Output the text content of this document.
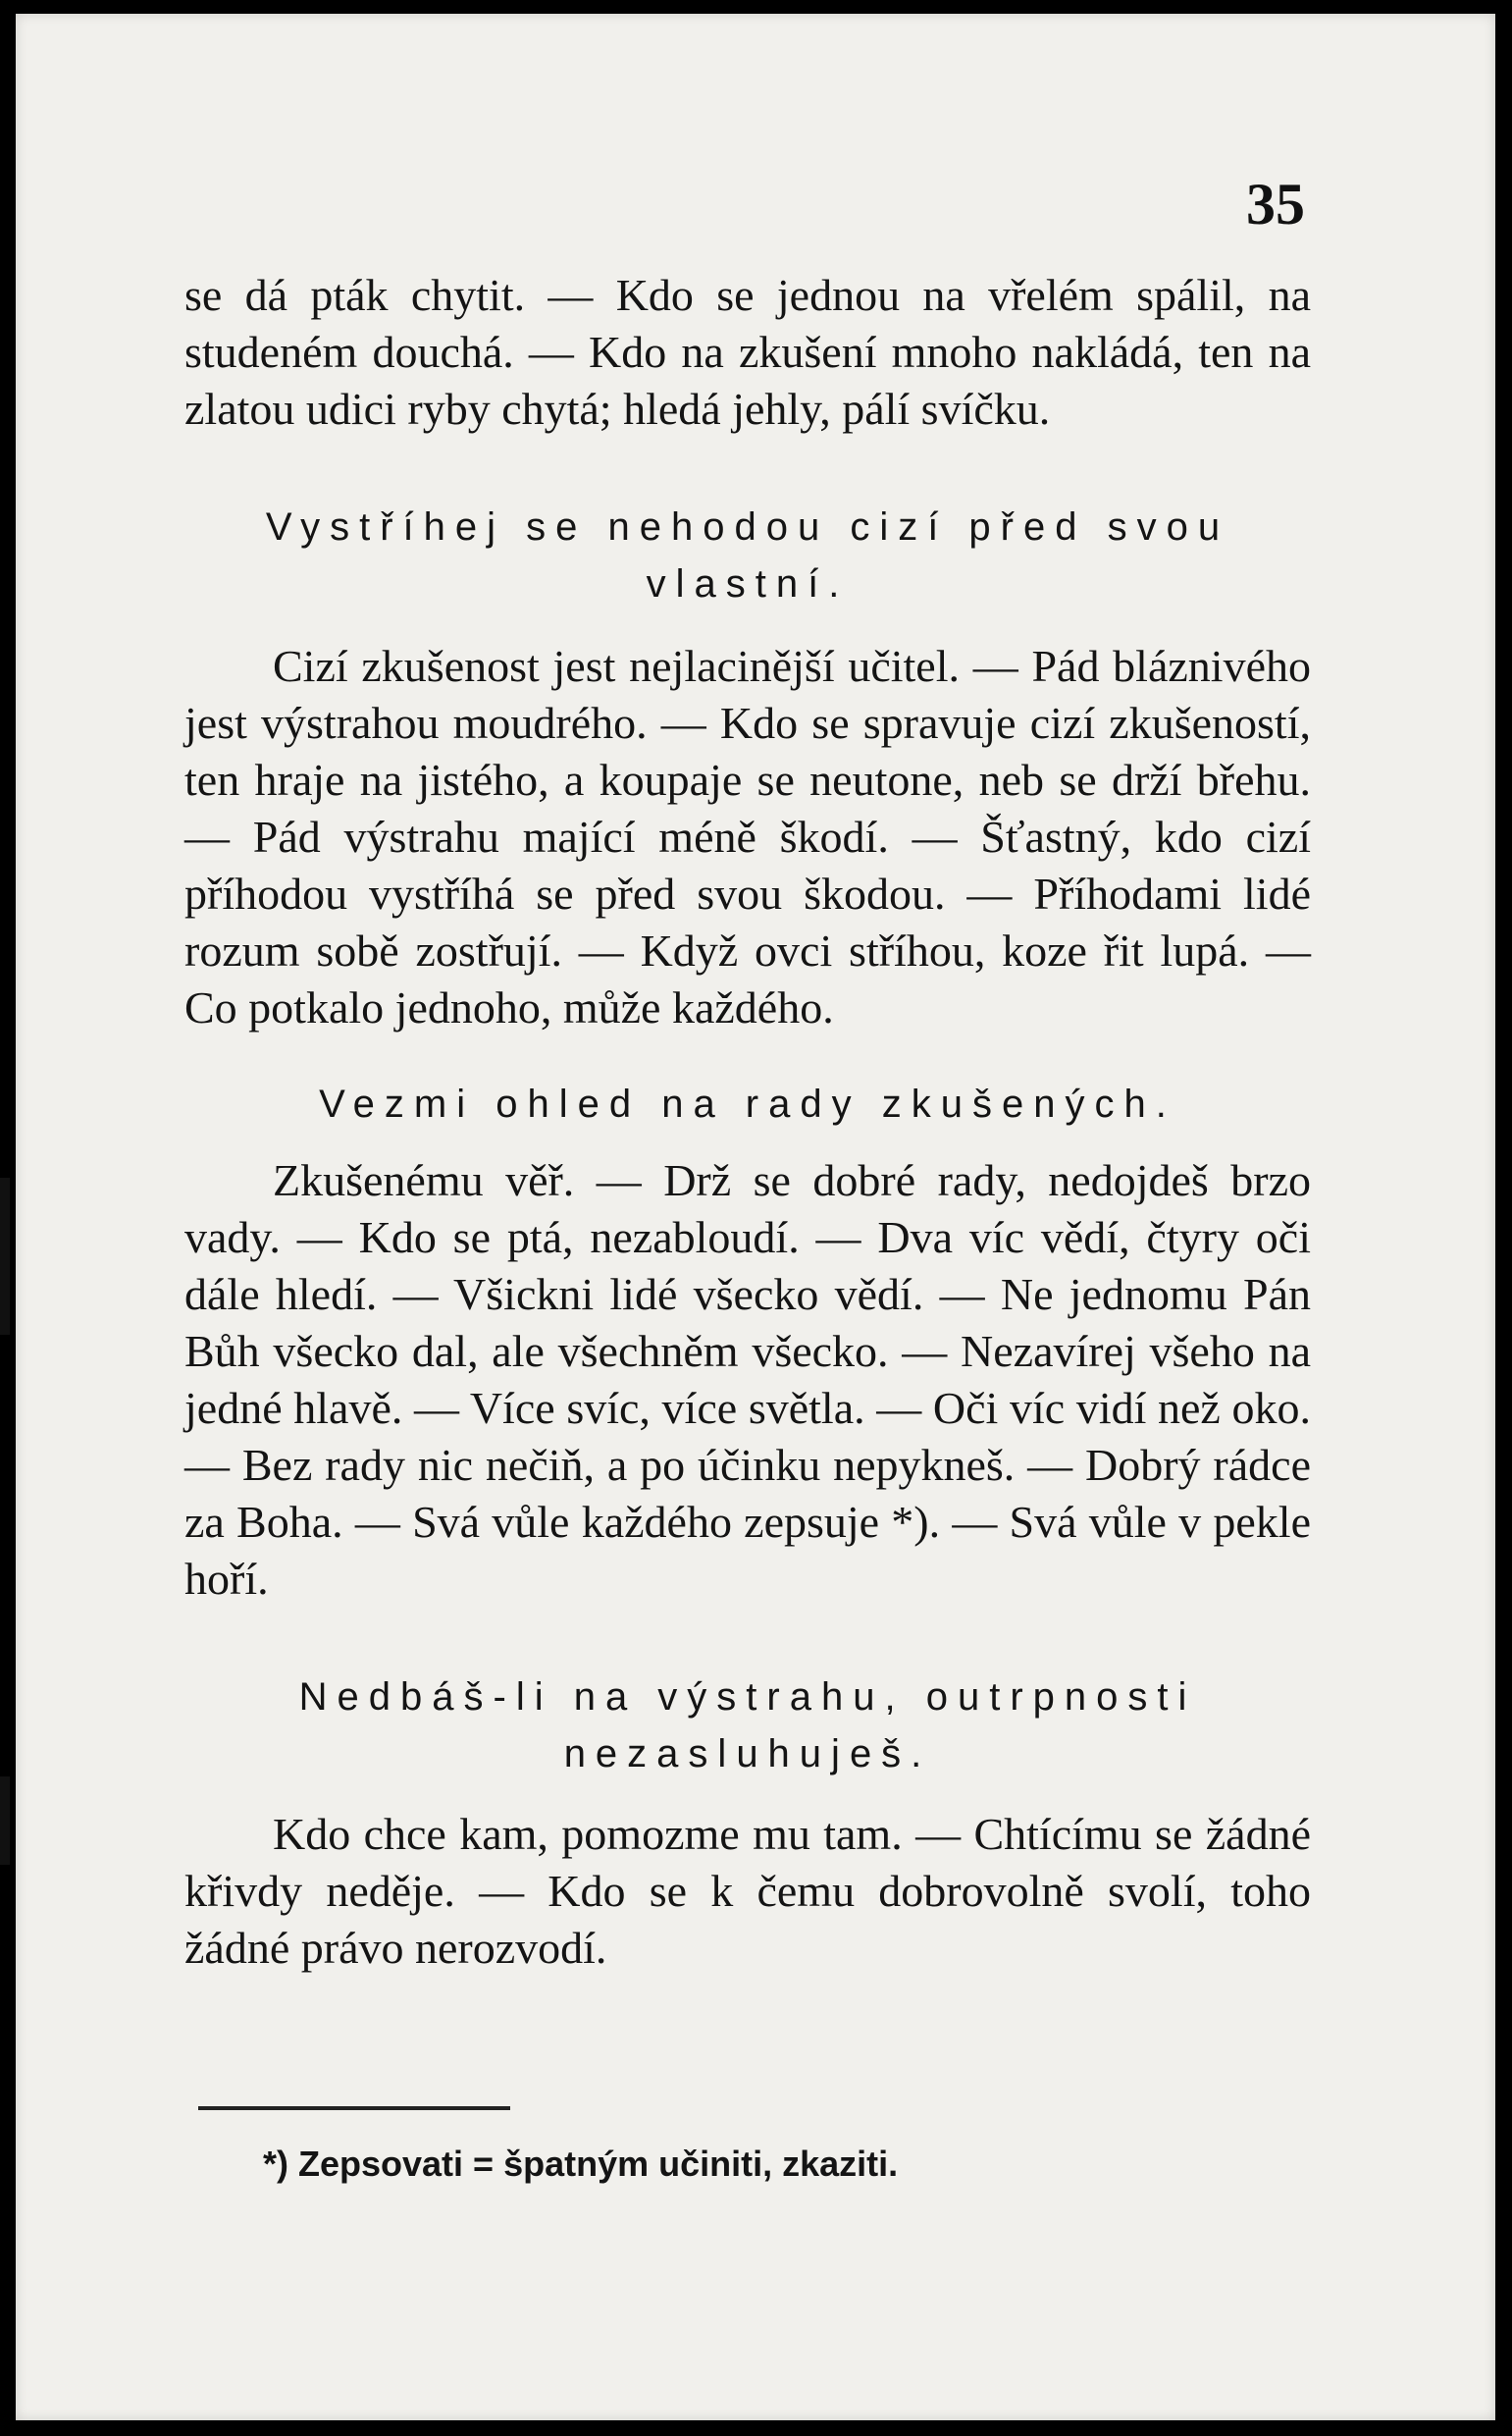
35

se dá pták chytit. — Kdo se jednou na vřelém spálil, na studeném douchá. — Kdo na zkušení mnoho nakládá, ten na zlatou udici ryby chytá; hledá jehly, pálí svíčku.

Vystříhej se nehodou cizí před svou vlastní.

Cizí zkušenost jest nejlacinější učitel. — Pád bláznivého jest výstrahou moudrého. — Kdo se spravuje cizí zkušeností, ten hraje na jistého, a koupaje se neutone, neb se drží břehu. — Pád výstrahu mající méně škodí. — Šťastný, kdo cizí příhodou vystříhá se před svou škodou. — Příhodami lidé rozum sobě zostřují. — Když ovci stříhou, koze řit lupá. — Co potkalo jednoho, může každého.

Vezmi ohled na rady zkušených.

Zkušenému věř. — Drž se dobré rady, nedojdeš brzo vady. — Kdo se ptá, nezabloudí. — Dva víc vědí, čtyry oči dále hledí. — Všickni lidé všecko vědí. — Ne jednomu Pán Bůh všecko dal, ale všechněm všecko. — Nezavírej všeho na jedné hlavě. — Více svíc, více světla. — Oči víc vidí než oko. — Bez rady nic nečiň, a po účinku nepykneš. — Dobrý rádce za Boha. — Svá vůle každého zepsuje *). — Svá vůle v pekle hoří.

Nedbáš-li na výstrahu, outrpnosti nezasluhuješ.

Kdo chce kam, pomozme mu tam. — Chtícímu se žádné křivdy neděje. — Kdo se k čemu dobrovolně svolí, toho žádné právo nerozvodí.

*) Zepsovati = špatným učiniti, zkaziti.
